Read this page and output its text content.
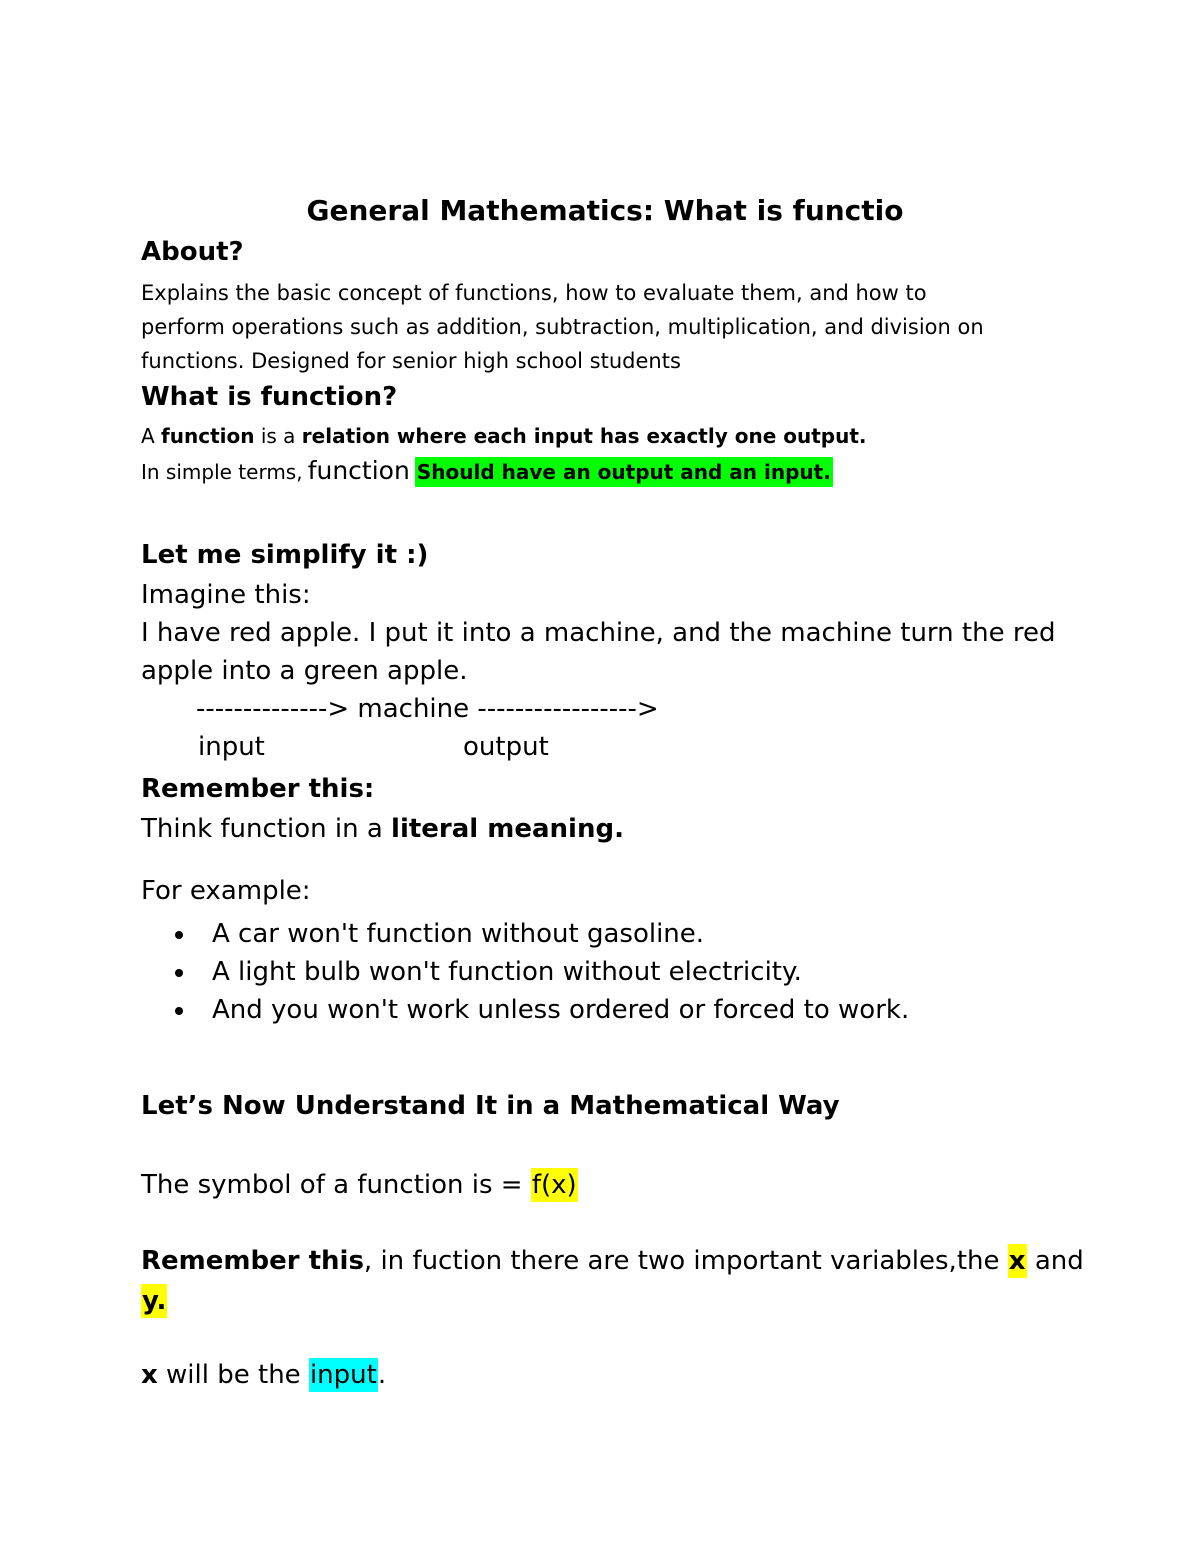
General Mathematics: What is functio
About?
Explains the basic concept of functions, how to evaluate them, and how to
perform operations such as addition, subtraction, multiplication, and division on
functions. Designed for senior high school students
What is function?
A function is a relation where each input has exactly one output.
In simple terms, function Should have an output and an input.
Let me simplify it :)
Imagine this:
I have red apple. I put it into a machine, and the machine turn the red
apple into a green apple.
--------------> machine ----------------->
input	output
Remember this:
Think function in a literal meaning.
For example:
A car won't function without gasoline.
A light bulb won't function without electricity.
And you won't work unless ordered or forced to work.
Let’s Now Understand It in a Mathematical Way
The symbol of a function is = f(x)
Remember this, in fuction there are two important variables,the x and
y.
x will be the input.
